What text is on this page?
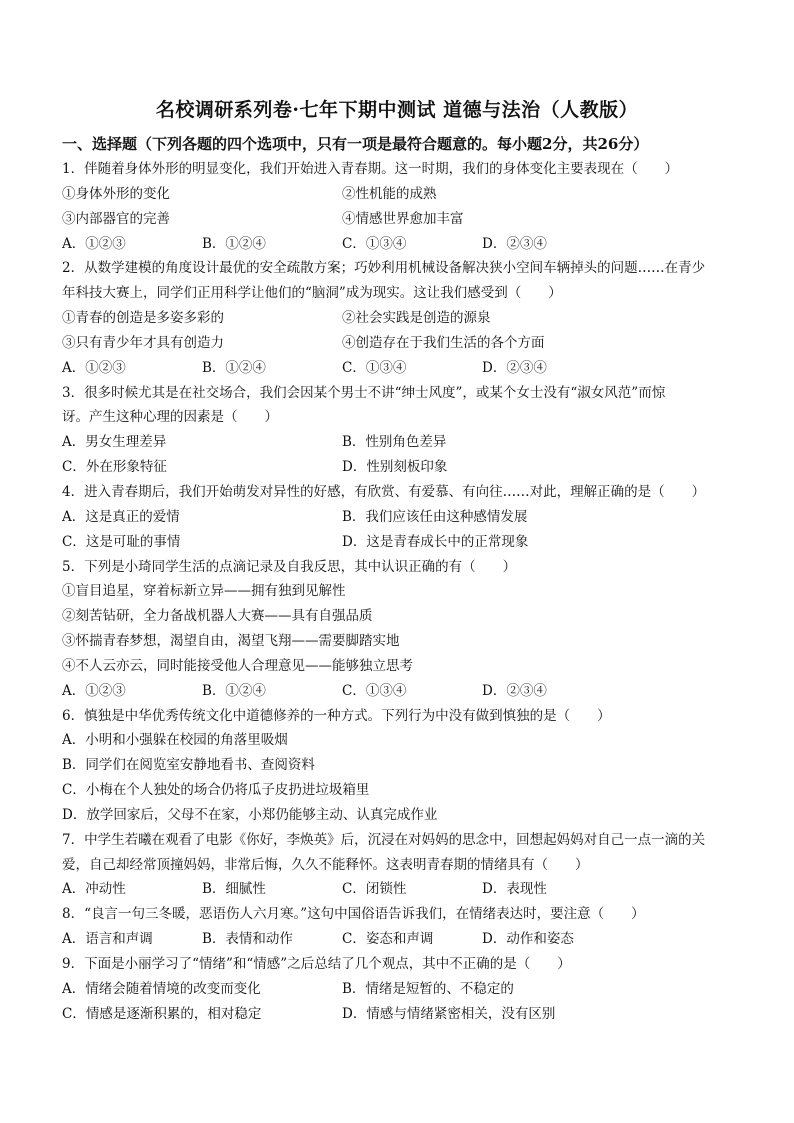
名校调研系列卷·七年下期中测试 道德与法治（人教版）
一、选择题（下列各题的四个选项中，只有一项是最符合题意的。每小题2分，共26分）
1．伴随着身体外形的明显变化，我们开始进入青春期。这一时期，我们的身体变化主要表现在（　　）
①身体外形的变化	②性机能的成熟
③内部器官的完善	④情感世界愈加丰富
A．①②③	B．①②④	C．①③④	D．②③④
2．从数学建模的角度设计最优的安全疏散方案；巧妙利用机械设备解决狭小空间车辆掉头的问题……在青少
年科技大赛上，同学们正用科学让他们的“脑洞”成为现实。这让我们感受到（　　）
①青春的创造是多姿多彩的	②社会实践是创造的源泉
③只有青少年才具有创造力	④创造存在于我们生活的各个方面
A．①②③	B．①②④	C．①③④	D．②③④
3．很多时候尤其是在社交场合，我们会因某个男士不讲“绅士风度”，或某个女士没有“淑女风范”而惊
讶。产生这种心理的因素是（　　）
A．男女生理差异	B．性别角色差异
C．外在形象特征	D．性别刻板印象
4．进入青春期后，我们开始萌发对异性的好感，有欣赏、有爱慕、有向往……对此，理解正确的是（　　）
A．这是真正的爱情	B．我们应该任由这种感情发展
C．这是可耻的事情	D．这是青春成长中的正常现象
5．下列是小琦同学生活的点滴记录及自我反思，其中认识正确的有（　　）
①盲目追星，穿着标新立异——拥有独到见解性
②刻苦钻研，全力备战机器人大赛——具有自强品质
③怀揣青春梦想，渴望自由，渴望飞翔——需要脚踏实地
④不人云亦云，同时能接受他人合理意见——能够独立思考
A．①②③	B．①②④	C．①③④	D．②③④
6．慎独是中华优秀传统文化中道德修养的一种方式。下列行为中没有做到慎独的是（　　）
A．小明和小强躲在校园的角落里吸烟
B．同学们在阅览室安静地看书、查阅资料
C．小梅在个人独处的场合仍将瓜子皮扔进垃圾箱里
D．放学回家后，父母不在家，小郑仍能够主动、认真完成作业
7．中学生若曦在观看了电影《你好，李焕英》后，沉浸在对妈妈的思念中，回想起妈妈对自己一点一滴的关
爱，自己却经常顶撞妈妈，非常后悔，久久不能释怀。这表明青春期的情绪具有（　　）
A．冲动性	B．细腻性	C．闭锁性	D．表现性
8．“良言一句三冬暖，恶语伤人六月寒。”这句中国俗语告诉我们，在情绪表达时，要注意（　　）
A．语言和声调	B．表情和动作	C．姿态和声调	D．动作和姿态
9．下面是小丽学习了“情绪”和“情感”之后总结了几个观点，其中不正确的是（　　）
A．情绪会随着情境的改变而变化	B．情绪是短暂的、不稳定的
C．情感是逐渐积累的，相对稳定	D．情感与情绪紧密相关，没有区别
